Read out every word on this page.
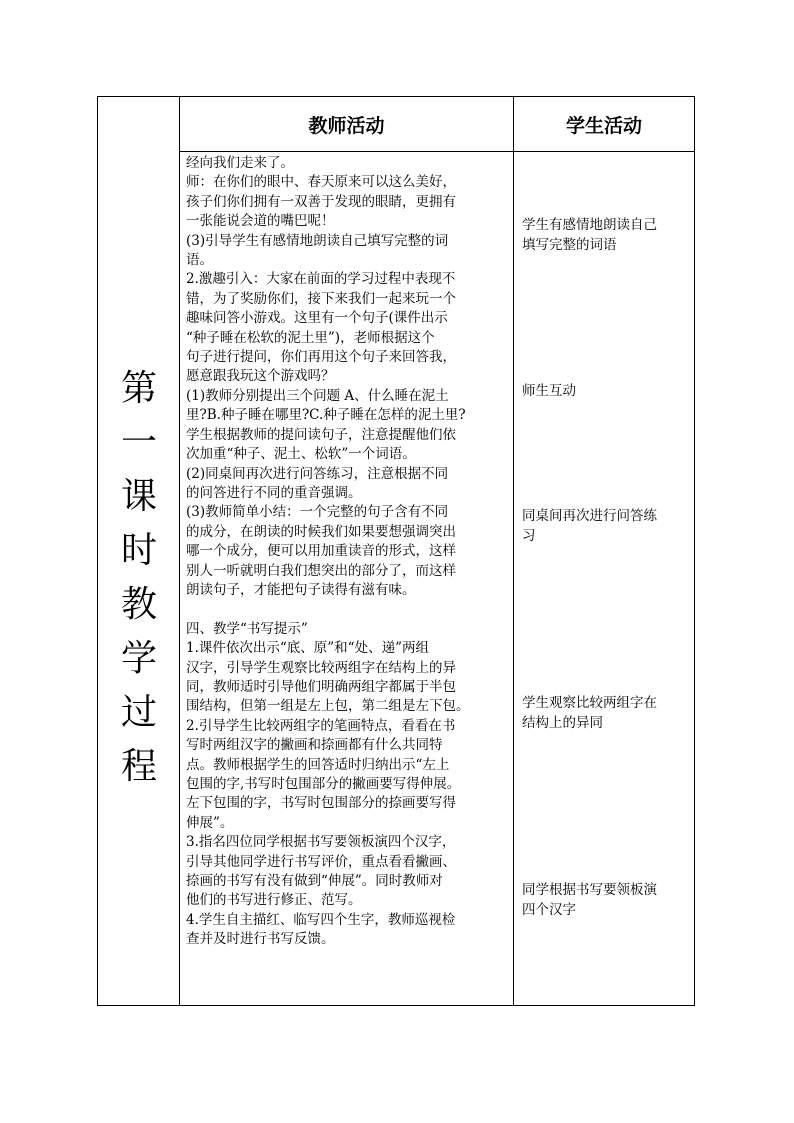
第
一
课
时
教
学
过
程
教师活动	学生活动
经向我们走来了。
师：在你们的眼中、春天原来可以这么美好，
孩子们你们拥有一双善于发现的眼睛，更拥有
一张能说会道的嘴巴呢！
(3)引导学生有感情地朗读自己填写完整的词
语。
2.激趣引入：大家在前面的学习过程中表现不
错，为了奖励你们，接下来我们一起来玩一个
趣味问答小游戏。这里有一个句子(课件出示
“种子睡在松软的泥土里”)，老师根据这个
句子进行提问，你们再用这个句子来回答我，
愿意跟我玩这个游戏吗？
(1)教师分别提出三个问题 A、什么睡在泥土
里?B.种子睡在哪里?C.种子睡在怎样的泥土里?
学生根据教师的提问读句子，注意提醒他们依
次加重“种子、泥土、松软”一个词语。
(2)同桌间再次进行问答练习，注意根据不同
的问答进行不同的重音强调。
(3)教师简单小结：一个完整的句子含有不同
的成分，在朗读的时候我们如果要想强调突出
哪一个成分，便可以用加重读音的形式，这样
别人一听就明白我们想突出的部分了，而这样
朗读句子，才能把句子读得有滋有味。
四、教学“书写提示”
1.课件依次出示“底、原”和“处、递”两组
汉字，引导学生观察比较两组字在结构上的异
同，教师适时引导他们明确两组字都属于半包
围结构，但第一组是左上包，第二组是左下包。
2.引导学生比较两组字的笔画特点，看看在书
写时两组汉字的撇画和捺画都有什么共同特
点。教师根据学生的回答适时归纳出示“左上
包围的字,书写时包围部分的撇画要写得伸展。
左下包围的字，书写时包围部分的捺画要写得
伸展”。
3.指名四位同学根据书写要领板演四个汉字，
引导其他同学进行书写评价，重点看看撇画、
捺画的书写有没有做到“伸展”。同时教师对
他们的书写进行修正、范写。
4.学生自主描红、临写四个生字，教师巡视检
查并及时进行书写反馈。
学生有感情地朗读自己
填写完整的词语
师生互动
同桌间再次进行问答练
习
学生观察比较两组字在
结构上的异同
同学根据书写要领板演
四个汉字
